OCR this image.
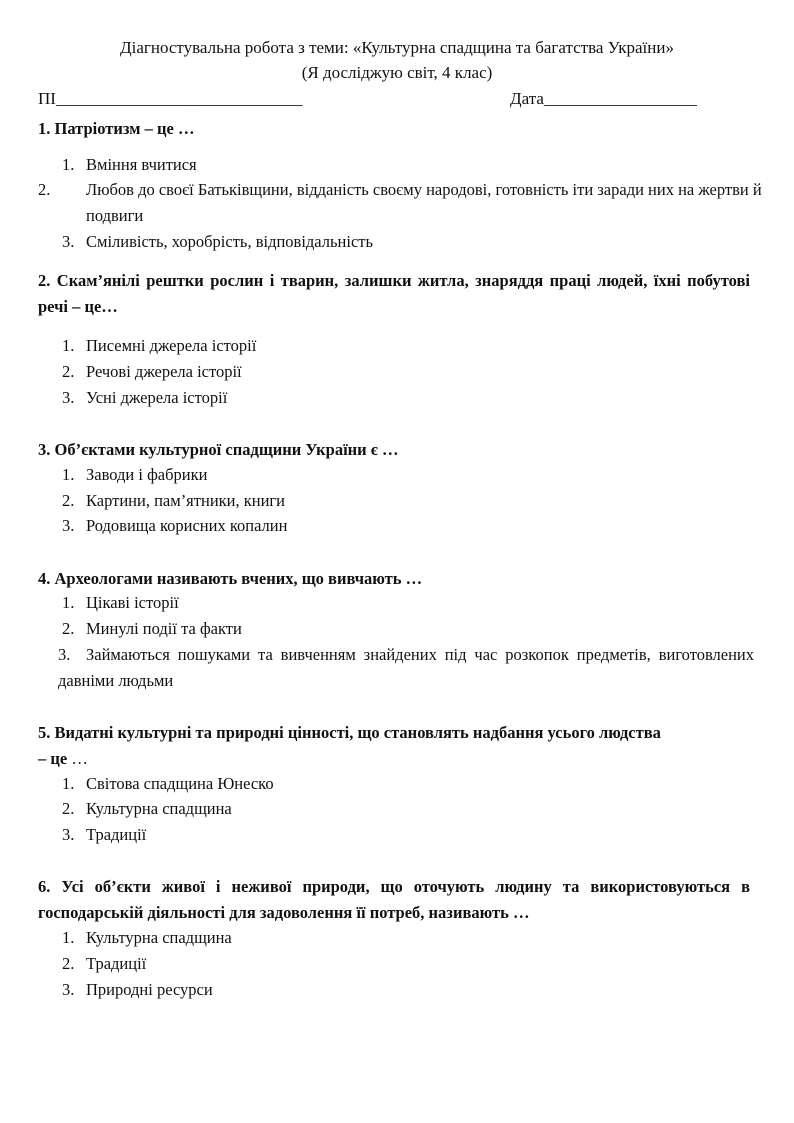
Діагностувальна робота з теми: «Культурна спадщина та багатства України»
(Я досліджую світ, 4 клас)
ПІ_____________________________	Дата__________________
1. Патріотизм – це …
1. Вміння вчитися
2. Любов до своєї Батьківщини, відданість своєму народові, готовність іти заради них на жертви й подвиги
3. Сміливість, хоробрість, відповідальність
2. Скам’янілі рештки рослин і тварин, залишки житла, знаряддя праці людей, їхні побутові речі – це…
1. Писемні джерела історії
2. Речові джерела історії
3. Усні джерела історії
3. Об’єктами культурної спадщини України є …
1. Заводи і фабрики
2. Картини, пам’ятники, книги
3. Родовища корисних копалин
4. Археологами називають вчених, що вивчають …
1. Цікаві історії
2. Минулі події та факти
3. Займаються пошуками та вивченням знайдених під час розкопок предметів, виготовлених давніми людьми
5. Видатні культурні та природні цінності, що становлять надбання усього людства
– це …
1. Світова спадщина Юнеско
2. Культурна спадщина
3. Традиції
6. Усі об’єкти живої і неживої природи, що оточують людину та використовуються в господарській діяльності для задоволення її потреб, називають …
1. Культурна спадщина
2. Традиції
3. Природні ресурси
